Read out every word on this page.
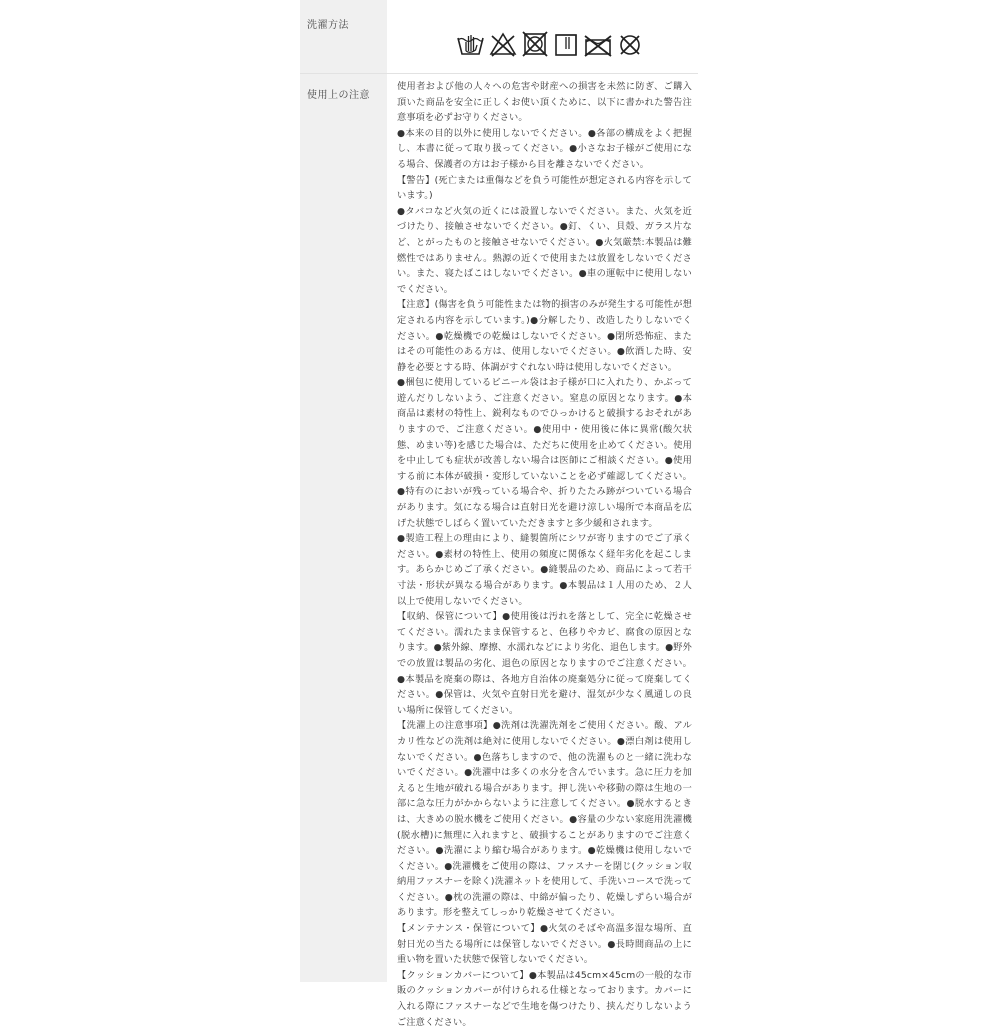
洗濯方法
使用上の注意

使用者および他の人々への危害や財産への損害を未然に防ぎ、ご購入頂いた商品を安全に正しくお使い頂くために、以下に書かれた警告注意事項を必ずお守りください。

●本来の目的以外に使用しないでください。●各部の構成をよく把握し、本書に従って取り扱ってください。●小さなお子様がご使用になる場合、保護者の方はお子様から目を離さないでください。

【警告】(死亡または重傷などを負う可能性が想定される内容を示しています。)

●タバコなど火気の近くには設置しないでください。また、火気を近づけたり、接触させないでください。●釘、くい、貝殻、ガラス片など、とがったものと接触させないでください。●火気厳禁:本製品は難燃性ではありません。熱源の近くで使用または放置をしないでください。また、寝たばこはしないでください。●車の運転中に使用しないでください。

【注意】(傷害を負う可能性または物的損害のみが発生する可能性が想定される内容を示しています。)●分解したり、改造したりしないでください。●乾燥機での乾燥はしないでください。●閉所恐怖症、またはその可能性のある方は、使用しないでください。●飲酒した時、安静を必要とする時、体調がすぐれない時は使用しないでください。

●梱包に使用しているビニール袋はお子様が口に入れたり、かぶって遊んだりしないよう、ご注意ください。窒息の原因となります。●本商品は素材の特性上、鋭利なものでひっかけると破損するおそれがありますので、ご注意ください。●使用中・使用後に体に異常(酸欠状態、めまい等)を感じた場合は、ただちに使用を止めてください。使用を中止しても症状が改善しない場合は医師にご相談ください。●使用する前に本体が破損・変形していないことを必ず確認してください。●特有のにおいが残っている場合や、折りたたみ跡がついている場合があります。気になる場合は直射日光を避け涼しい場所で本商品を広げた状態でしばらく置いていただきますと多少緩和されます。

●製造工程上の理由により、縫製箇所にシワが寄りますのでご了承ください。●素材の特性上、使用の頻度に関係なく経年劣化を起こします。あらかじめご了承ください。●縫製品のため、商品によって若干寸法・形状が異なる場合があります。●本製品は１人用のため、２人以上で使用しないでください。

【収納、保管について】●使用後は汚れを落として、完全に乾燥させてください。濡れたまま保管すると、色移りやカビ、腐食の原因となります。●紫外線、摩擦、水濡れなどにより劣化、退色します。●野外での放置は製品の劣化、退色の原因となりますのでご注意ください。●本製品を廃棄の際は、各地方自治体の廃棄処分に従って廃棄してください。●保管は、火気や直射日光を避け、湿気が少なく風通しの良い場所に保管してください。

【洗濯上の注意事項】●洗剤は洗濯洗剤をご使用ください。酸、アルカリ性などの洗剤は絶対に使用しないでください。●漂白剤は使用しないでください。●色落ちしますので、他の洗濯ものと一緒に洗わないでください。●洗濯中は多くの水分を含んでいます。急に圧力を加えると生地が破れる場合があります。押し洗いや移動の際は生地の一部に急な圧力がかからないように注意してください。●脱水するときは、大きめの脱水機をご使用ください。●容量の少ない家庭用洗濯機(脱水槽)に無理に入れますと、破損することがありますのでご注意ください。●洗濯により縮む場合があります。●乾燥機は使用しないでください。●洗濯機をご使用の際は、ファスナーを閉じ(クッション収納用ファスナーを除く)洗濯ネットを使用して、手洗いコースで洗ってください。●枕の洗濯の際は、中綿が偏ったり、乾燥しずらい場合があります。形を整えてしっかり乾燥させてください。

【メンテナンス・保管について】●火気のそばや高温多湿な場所、直射日光の当たる場所には保管しないでください。●長時間商品の上に重い物を置いた状態で保管しないでください。

【クッションカバーについて】●本製品は45cm×45cmの一般的な市販のクッションカバーが付けられる仕様となっております。カバーに入れる際にファスナーなどで生地を傷つけたり、挟んだりしないようご注意ください。
